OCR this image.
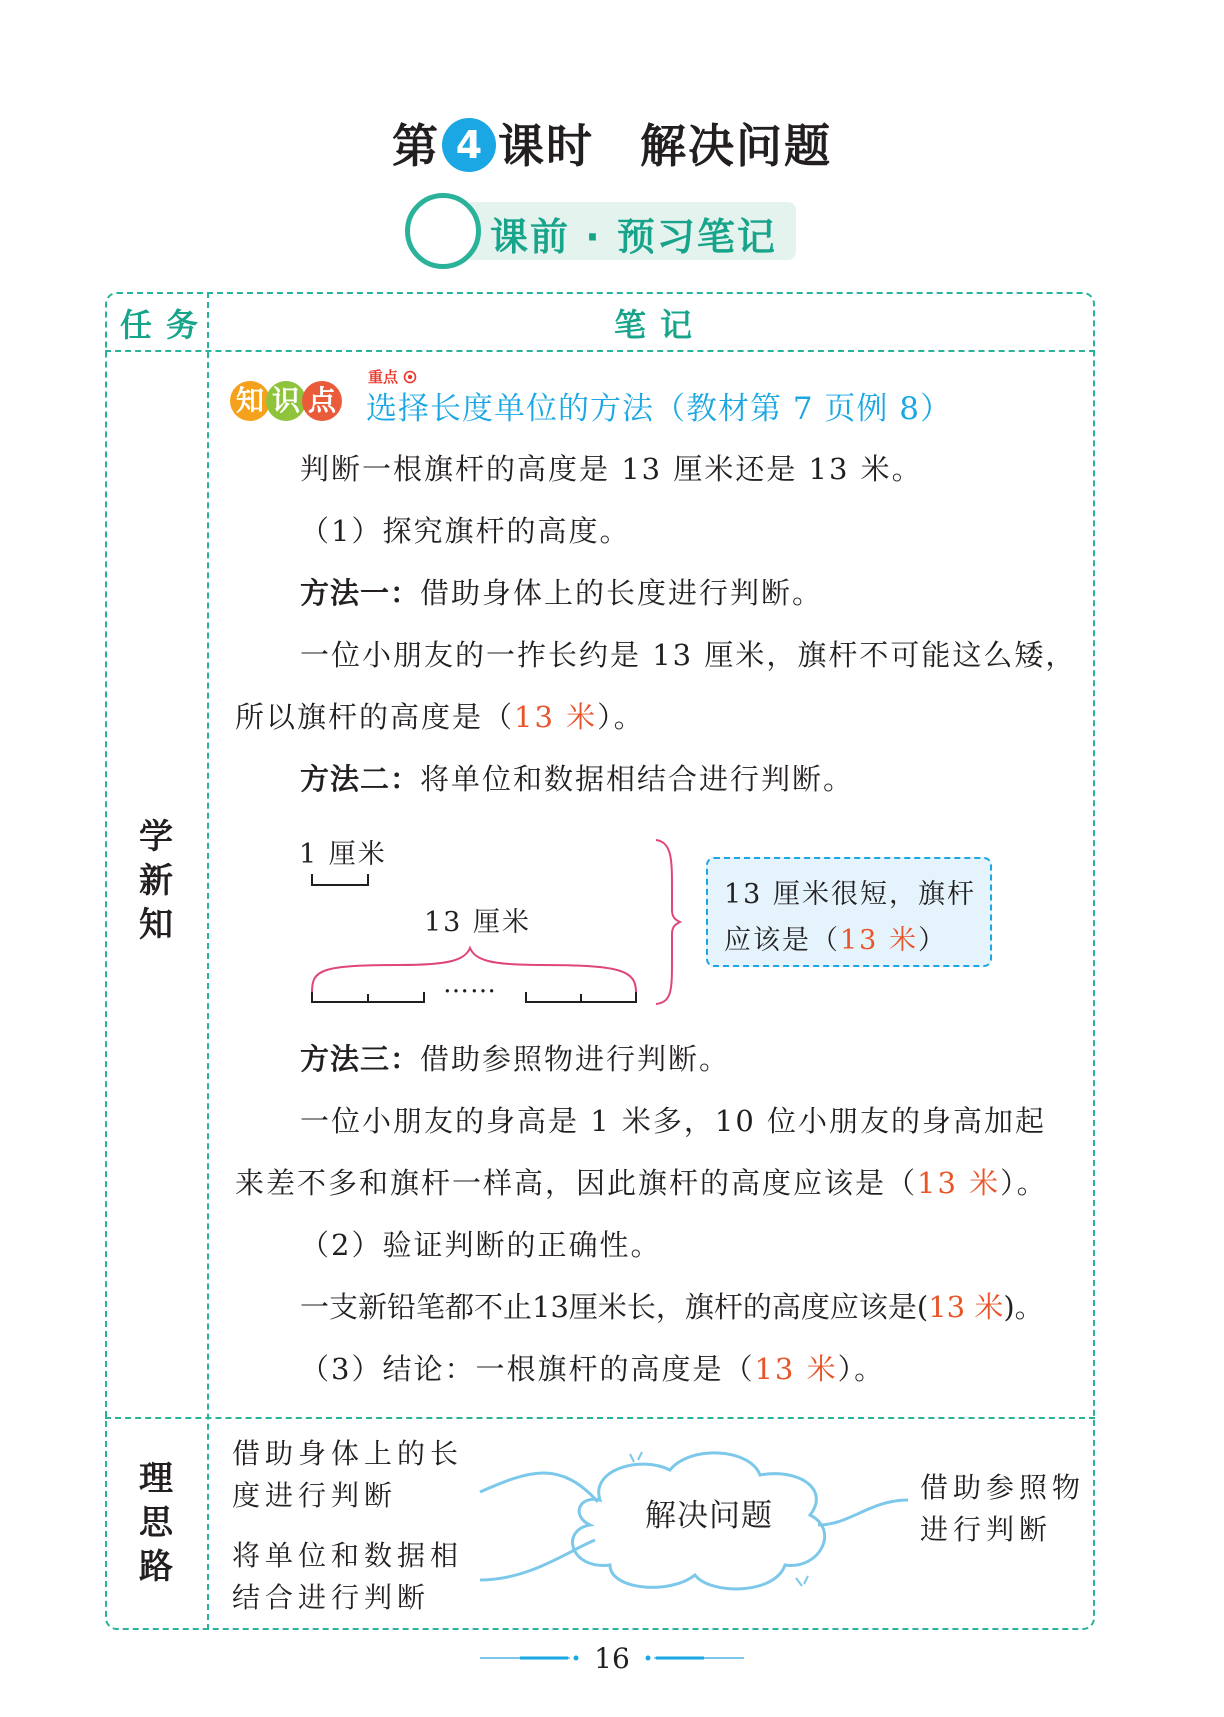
第 4 课时 解决问题
课前 · 预习笔记
任务	笔记
学新知
知 识 点
重点
选择长度单位的方法（教材第 7 页例 8）
判断一根旗杆的高度是 13 厘米还是 13 米。
（1）探究旗杆的高度。
方法一：借助身体上的长度进行判断。
一位小朋友的一拃长约是 13 厘米，旗杆不可能这么矮，
所以旗杆的高度是（13 米）。
方法二：将单位和数据相结合进行判断。
1 厘米
13 厘米
……
13 厘米很短，旗杆
应该是（13 米）
方法三：借助参照物进行判断。
一位小朋友的身高是 1 米多，10 位小朋友的身高加起
来差不多和旗杆一样高，因此旗杆的高度应该是（13 米）。
（2）验证判断的正确性。
一支新铅笔都不止13厘米长，旗杆的高度应该是(13 米)。
（3）结论：一根旗杆的高度是（13 米）。
理思路
解决问题
借助身体上的长
度进行判断
将单位和数据相
结合进行判断
借助参照物
进行判断
16
